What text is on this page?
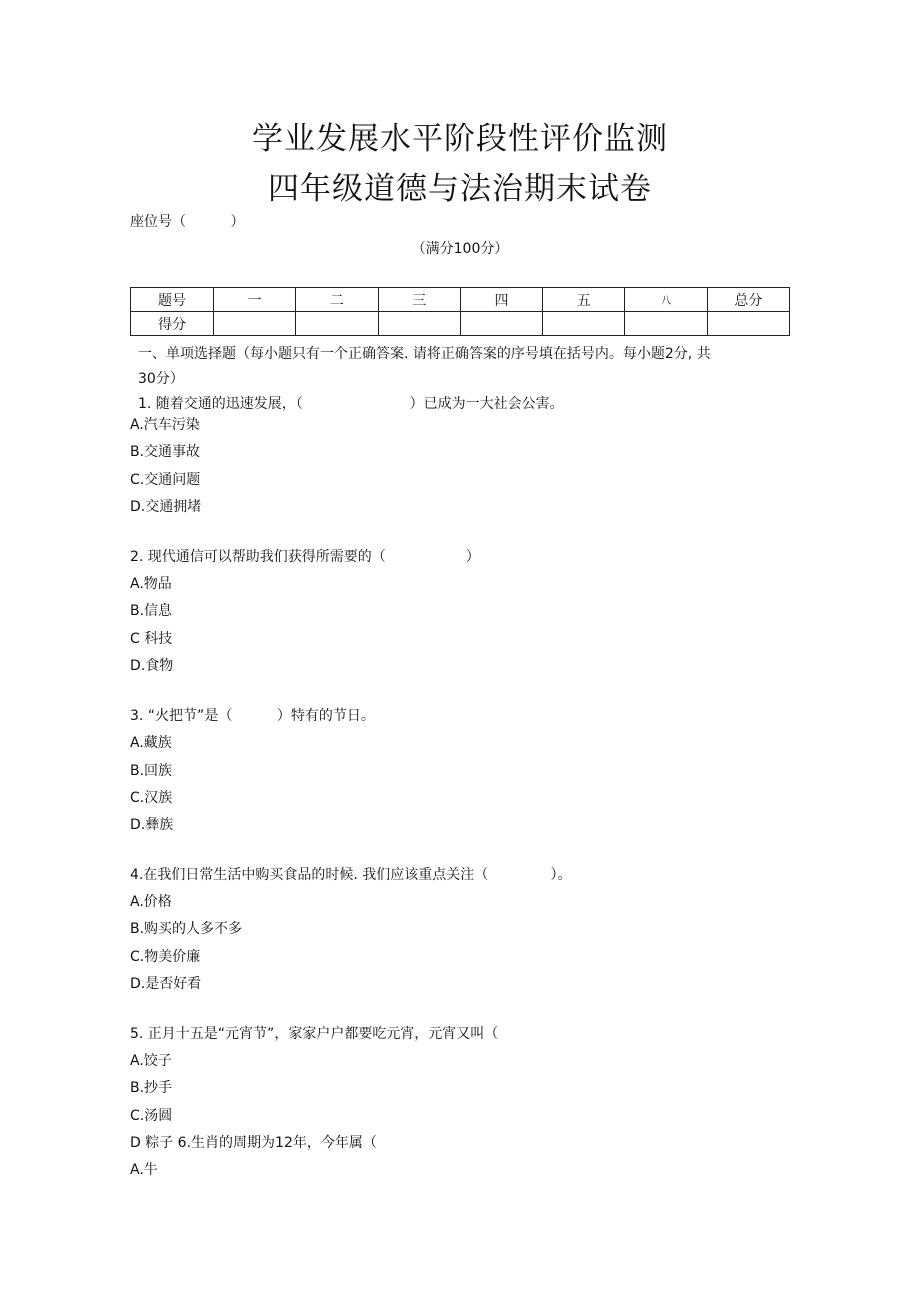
学业发展水平阶段性评价监测
四年级道德与法治期末试卷
座位号（          ）
（满分100分）
题号	一	二	三	四	五	八	总分
得分							
一、单项选择题（每小题只有一个正确答案. 请将正确答案的序号填在括号内。每小题2分, 共
30分）
1. 随着交通的迅速发展，（                        ）已成为一大社会公害。
A.汽车污染
B.交通事故
C.交通问题
D.交通拥堵
2. 现代通信可以帮助我们获得所需要的（                  ）
A.物品
B.信息
C 科技
D.食物
3. “火把节”是（          ）特有的节日。
A.藏族
B.回族
C.汉族
D.彝族
4.在我们日常生活中购买食品的时候. 我们应该重点关注（              ）。
A.价格
B.购买的人多不多
C.物美价廉
D.是否好看
5. 正月十五是“元宵节”，家家户户都要吃元宵，元宵又叫（
A.饺子
B.抄手
C.汤圆
D 粽子 6.生肖的周期为12年，今年属（
A.牛
